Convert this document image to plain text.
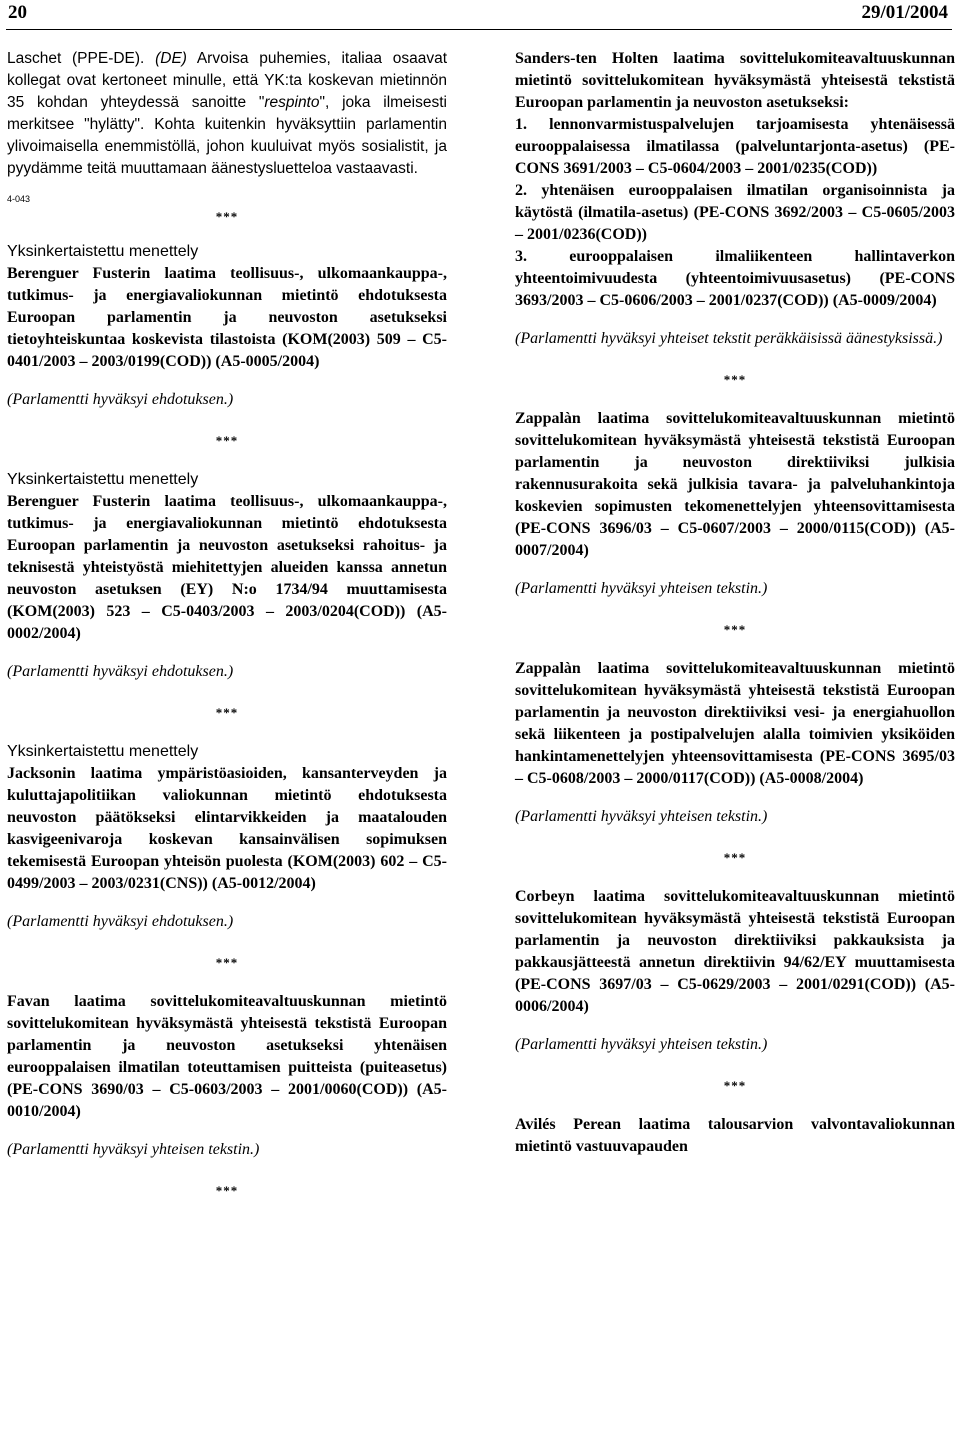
20	29/01/2004

Laschet (PPE-DE). (DE) Arvoisa puhemies, italiaa osaavat kollegat ovat kertoneet minulle, että YK:ta koskevan mietinnön 35 kohdan yhteydessä sanoitte "respinto", joka ilmeisesti merkitsee "hylätty". Kohta kuitenkin hyväksyttiin parlamentin ylivoimaisella enemmistöllä, johon kuuluivat myös sosialistit, ja pyydämme teitä muuttamaan äänestysluetteloa vastaavasti.

4-043
***

Yksinkertaistettu menettely

Berenguer Fusterin laatima teollisuus-, ulkomaankauppa-, tutkimus- ja energiavaliokunnan mietintö ehdotuksesta Euroopan parlamentin ja neuvoston asetukseksi tietoyhteiskuntaa koskevista tilastoista (KOM(2003) 509 – C5-0401/2003 – 2003/0199(COD)) (A5-0005/2004)

(Parlamentti hyväksyi ehdotuksen.)

***

Yksinkertaistettu menettely

Berenguer Fusterin laatima teollisuus-, ulkomaankauppa-, tutkimus- ja energiavaliokunnan mietintö ehdotuksesta Euroopan parlamentin ja neuvoston asetukseksi rahoitus- ja teknisestä yhteistyöstä miehitettyjen alueiden kanssa annetun neuvoston asetuksen (EY) N:o 1734/94 muuttamisesta (KOM(2003) 523 – C5-0403/2003 – 2003/0204(COD)) (A5-0002/2004)

(Parlamentti hyväksyi ehdotuksen.)

***

Yksinkertaistettu menettely

Jacksonin laatima ympäristöasioiden, kansanterveyden ja kuluttajapolitiikan valiokunnan mietintö ehdotuksesta neuvoston päätökseksi elintarvikkeiden ja maatalouden kasvigeenivaroja koskevan kansainvälisen sopimuksen tekemisestä Euroopan yhteisön puolesta (KOM(2003) 602 – C5-0499/2003 – 2003/0231(CNS)) (A5-0012/2004)

(Parlamentti hyväksyi ehdotuksen.)

***

Favan laatima sovittelukomiteavaltuuskunnan mietintö sovittelukomitean hyväksymästä yhteisestä tekstistä Euroopan parlamentin ja neuvoston asetukseksi yhtenäisen eurooppalaisen ilmatilan toteuttamisen puitteista (puiteasetus) (PE-CONS 3690/03 – C5-0603/2003 – 2001/0060(COD)) (A5-0010/2004)

(Parlamentti hyväksyi yhteisen tekstin.)

***

Sanders-ten Holten laatima sovittelukomiteavaltuuskunnan mietintö sovittelukomitean hyväksymästä yhteisestä tekstistä Euroopan parlamentin ja neuvoston asetukseksi:

1. lennonvarmistuspalvelujen tarjoamisesta yhtenäisessä eurooppalaisessa ilmatilassa (palveluntarjonta-asetus) (PE-CONS 3691/2003 – C5-0604/2003 – 2001/0235(COD))

2. yhtenäisen eurooppalaisen ilmatilan organisoinnista ja käytöstä (ilmatila-asetus) (PE-CONS 3692/2003 – C5-0605/2003 – 2001/0236(COD))

3. eurooppalaisen ilmaliikenteen hallintaverkon yhteentoimivuudesta (yhteentoimivuusasetus) (PE-CONS 3693/2003 – C5-0606/2003 – 2001/0237(COD)) (A5-0009/2004)

(Parlamentti hyväksyi yhteiset tekstit peräkkäisissä äänestyksissä.)

***

Zappalàn laatima sovittelukomiteavaltuuskunnan mietintö sovittelukomitean hyväksymästä yhteisestä tekstistä Euroopan parlamentin ja neuvoston direktiiviksi julkisia rakennusurakoita sekä julkisia tavara- ja palveluhankintoja koskevien sopimusten tekomenettelyjen yhteensovittamisesta (PE-CONS 3696/03 – C5-0607/2003 – 2000/0115(COD)) (A5-0007/2004)

(Parlamentti hyväksyi yhteisen tekstin.)

***

Zappalàn laatima sovittelukomiteavaltuuskunnan mietintö sovittelukomitean hyväksymästä yhteisestä tekstistä Euroopan parlamentin ja neuvoston direktiiviksi vesi- ja energiahuollon sekä liikenteen ja postipalvelujen alalla toimivien yksiköiden hankintamenettelyjen yhteensovittamisesta (PE-CONS 3695/03 – C5-0608/2003 – 2000/0117(COD)) (A5-0008/2004)

(Parlamentti hyväksyi yhteisen tekstin.)

***

Corbeyn laatima sovittelukomiteavaltuuskunnan mietintö sovittelukomitean hyväksymästä yhteisestä tekstistä Euroopan parlamentin ja neuvoston direktiiviksi pakkauksista ja pakkausjätteestä annetun direktiivin 94/62/EY muuttamisesta (PE-CONS 3697/03 – C5-0629/2003 – 2001/0291(COD)) (A5-0006/2004)

(Parlamentti hyväksyi yhteisen tekstin.)

***

Avilés Perean laatima talousarvion valvontavaliokunnan mietintö vastuuvapauden
